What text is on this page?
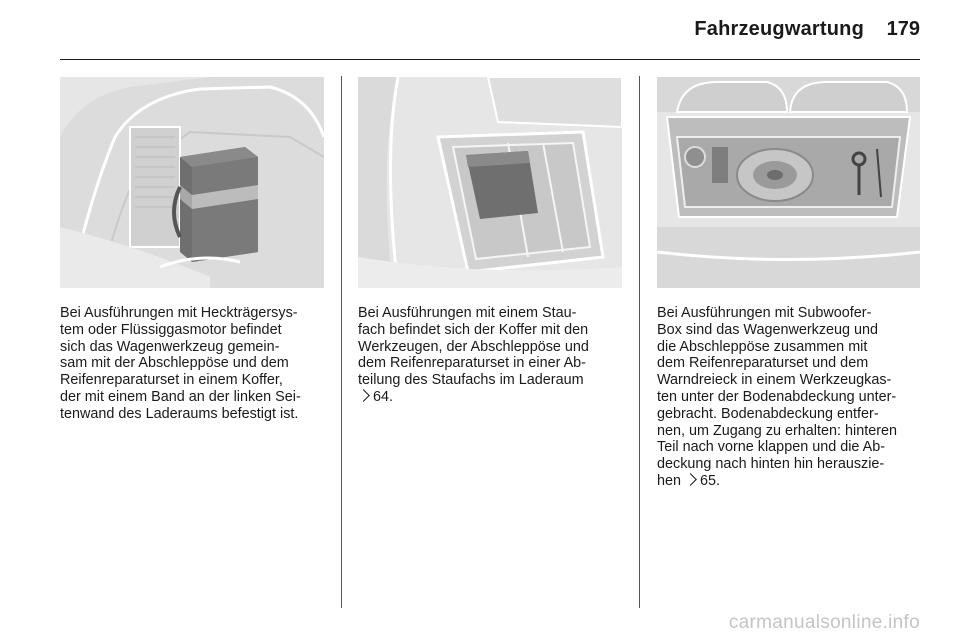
Fahrzeugwartung 179

Bei Ausführungen mit Heckträgersys-
tem oder Flüssiggasmotor befindet
sich das Wagenwerkzeug gemein-
sam mit der Abschleppöse und dem
Reifenreparaturset in einem Koffer,
der mit einem Band an der linken Sei-
tenwand des Laderaums befestigt ist.

Bei Ausführungen mit einem Stau-
fach befindet sich der Koffer mit den
Werkzeugen, der Abschleppöse und
dem Reifenreparaturset in einer Ab-
teilung des Staufachs im Laderaum
64.

Bei Ausführungen mit Subwoofer-
Box sind das Wagenwerkzeug und
die Abschleppöse zusammen mit
dem Reifenreparaturset und dem
Warndreieck in einem Werkzeugkas-
ten unter der Bodenabdeckung unter-
gebracht. Bodenabdeckung entfer-
nen, um Zugang zu erhalten: hinteren
Teil nach vorne klappen und die Ab-
deckung nach hinten hin herauszie-
hen 65.

carmanualsonline.info
